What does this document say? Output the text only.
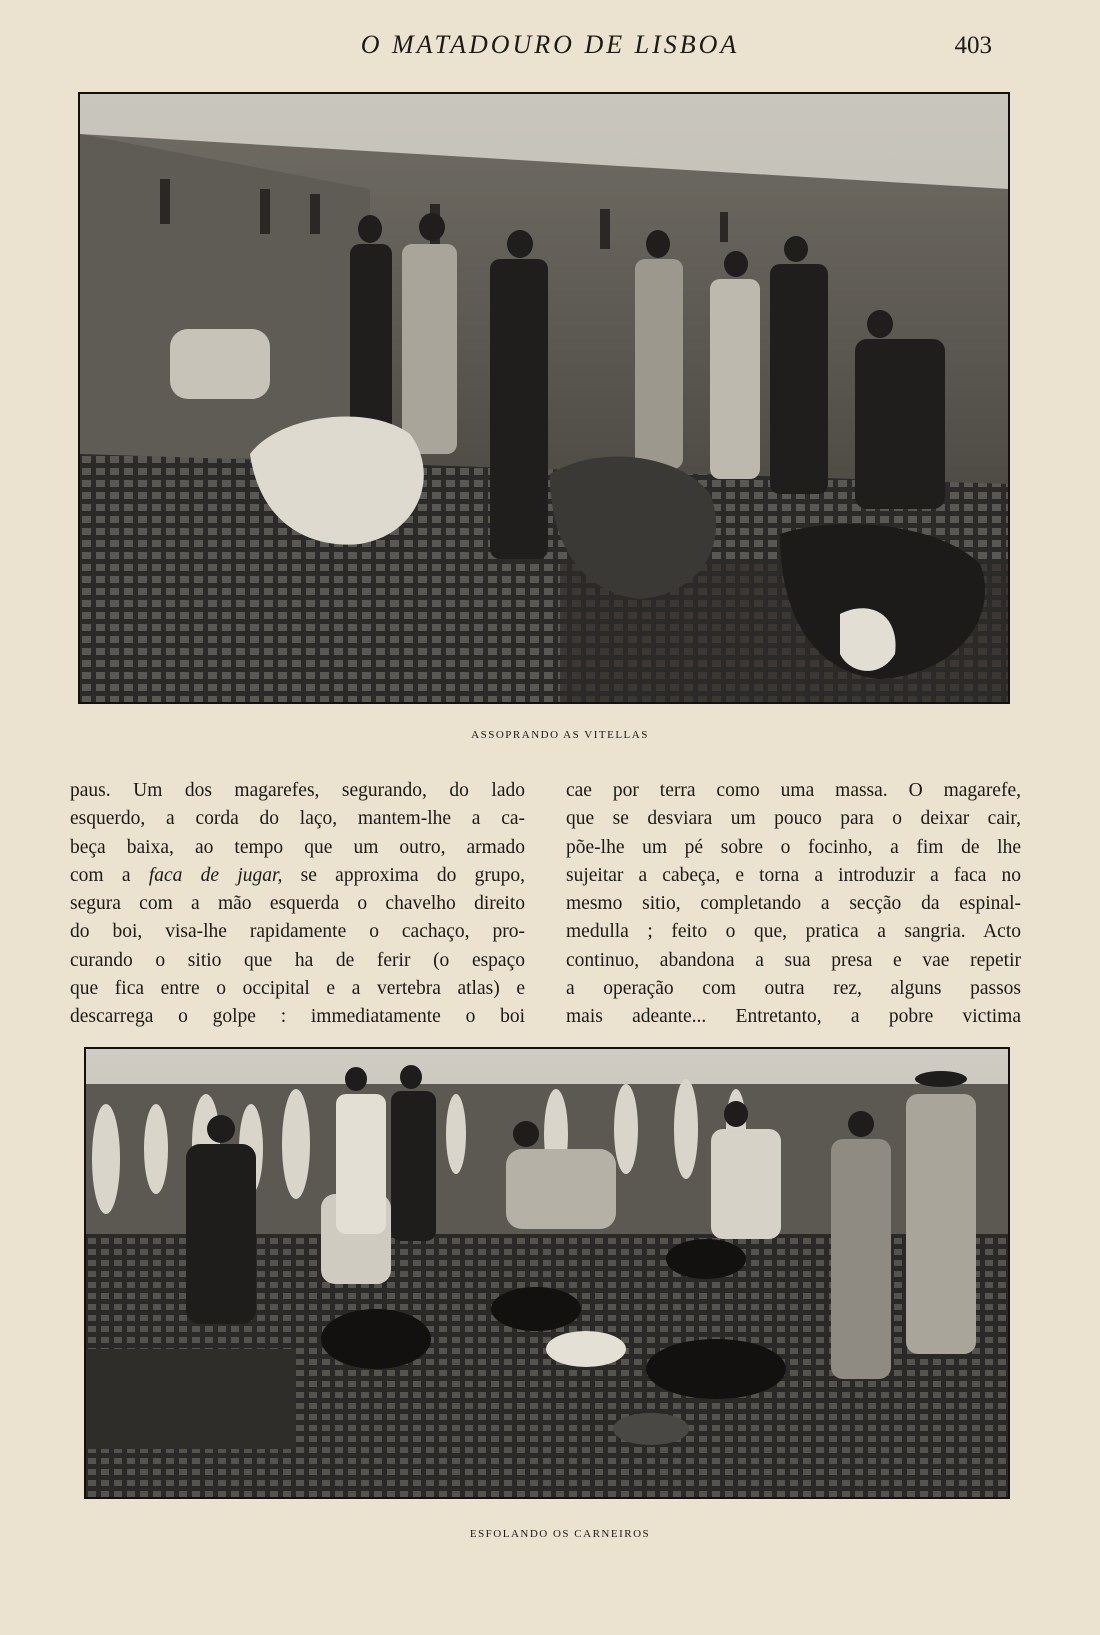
O MATADOURO DE LISBOA	403
ASSOPRANDO AS VITELLAS
paus. Um dos magarefes, segurando, do lado
esquerdo, a corda do laço, mantem-lhe a ca-
beça baixa, ao tempo que um outro, armado
com a faca de jugar, se approxima do grupo,
segura com a mão esquerda o chavelho direito
do boi, visa-lhe rapidamente o cachaço, pro-
curando o sitio que ha de ferir (o espaço
que fica entre o occipital e a vertebra atlas) e
descarrega o golpe : immediatamente o boi
cae por terra como uma massa. O magarefe,
que se desviara um pouco para o deixar cair,
põe-lhe um pé sobre o focinho, a fim de lhe
sujeitar a cabeça, e torna a introduzir a faca no
mesmo sitio, completando a secção da espinal-
medulla ; feito o que, pratica a sangria. Acto
continuo, abandona a sua presa e vae repetir
a operação com outra rez, alguns passos
mais adeante... Entretanto, a pobre victima
ESFOLANDO OS CARNEIROS
